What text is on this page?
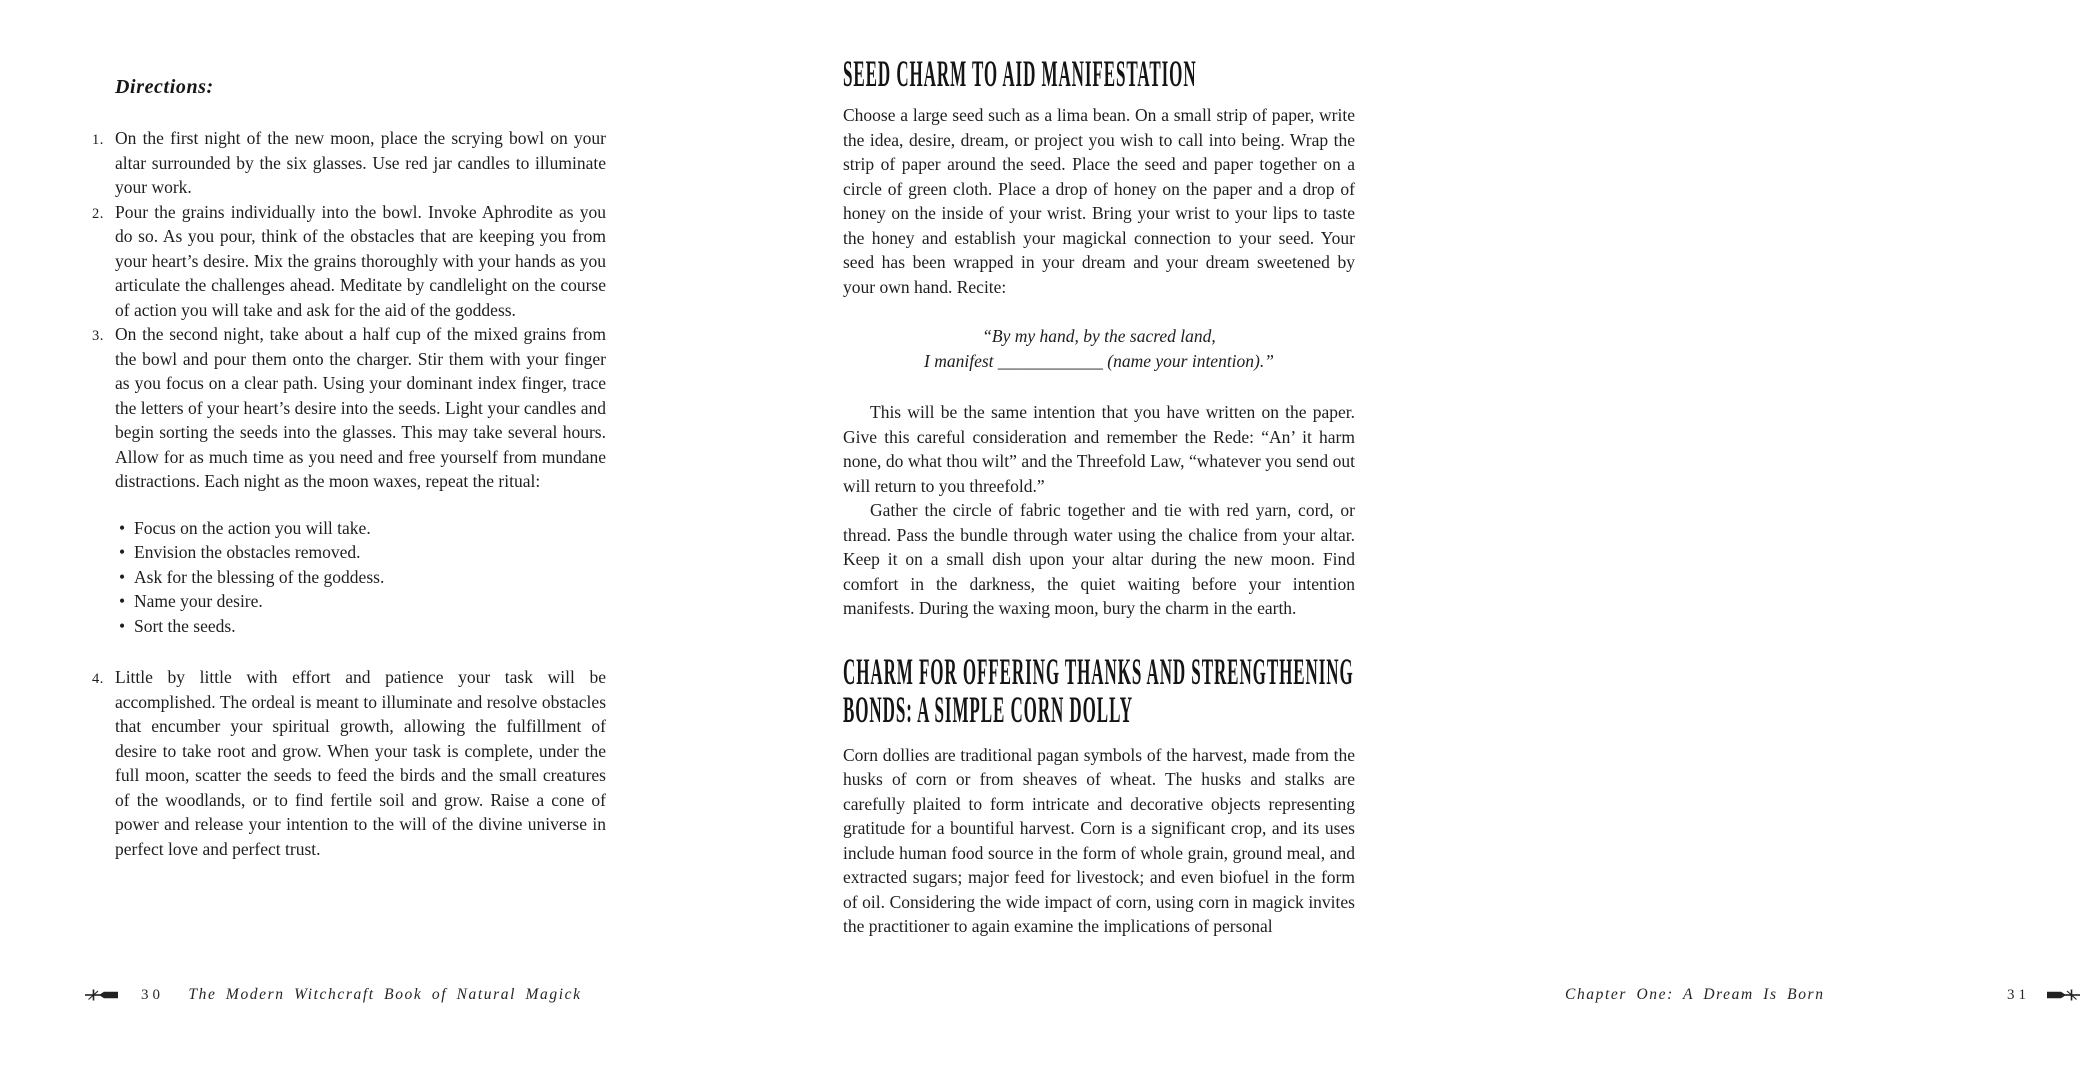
Directions:
1. On the first night of the new moon, place the scrying bowl on your altar surrounded by the six glasses. Use red jar candles to illuminate your work.
2. Pour the grains individually into the bowl. Invoke Aphrodite as you do so. As you pour, think of the obstacles that are keeping you from your heart’s desire. Mix the grains thoroughly with your hands as you articulate the challenges ahead. Meditate by candlelight on the course of action you will take and ask for the aid of the goddess.
3. On the second night, take about a half cup of the mixed grains from the bowl and pour them onto the charger. Stir them with your finger as you focus on a clear path. Using your dominant index finger, trace the letters of your heart’s desire into the seeds. Light your candles and begin sorting the seeds into the glasses. This may take several hours. Allow for as much time as you need and free yourself from mundane distractions. Each night as the moon waxes, repeat the ritual:
• Focus on the action you will take.
• Envision the obstacles removed.
• Ask for the blessing of the goddess.
• Name your desire.
• Sort the seeds.
4. Little by little with effort and patience your task will be accomplished. The ordeal is meant to illuminate and resolve obstacles that encumber your spiritual growth, allowing the fulfillment of desire to take root and grow. When your task is complete, under the full moon, scatter the seeds to feed the birds and the small creatures of the woodlands, or to find fertile soil and grow. Raise a cone of power and release your intention to the will of the divine universe in perfect love and perfect trust.
30	The Modern Witchcraft Book of Natural Magick
SEED CHARM TO AID MANIFESTATION

Choose a large seed such as a lima bean. On a small strip of paper, write the idea, desire, dream, or project you wish to call into being. Wrap the strip of paper around the seed. Place the seed and paper together on a circle of green cloth. Place a drop of honey on the paper and a drop of honey on the inside of your wrist. Bring your wrist to your lips to taste the honey and establish your magickal connection to your seed. Your seed has been wrapped in your dream and your dream sweetened by your own hand. Recite:

“By my hand, by the sacred land,
I manifest ____________ (name your intention).”

This will be the same intention that you have written on the paper. Give this careful consideration and remember the Rede: “An’ it harm none, do what thou wilt” and the Threefold Law, “whatever you send out will return to you threefold.”

Gather the circle of fabric together and tie with red yarn, cord, or thread. Pass the bundle through water using the chalice from your altar. Keep it on a small dish upon your altar during the new moon. Find comfort in the darkness, the quiet waiting before your intention manifests. During the waxing moon, bury the charm in the earth.

CHARM FOR OFFERING THANKS AND STRENGTHENING
BONDS: A SIMPLE CORN DOLLY

Corn dollies are traditional pagan symbols of the harvest, made from the husks of corn or from sheaves of wheat. The husks and stalks are carefully plaited to form intricate and decorative objects representing gratitude for a bountiful harvest. Corn is a significant crop, and its uses include human food source in the form of whole grain, ground meal, and extracted sugars; major feed for livestock; and even biofuel in the form of oil. Considering the wide impact of corn, using corn in magick invites the practitioner to again examine the implications of personal

Chapter One: A Dream Is Born	31
